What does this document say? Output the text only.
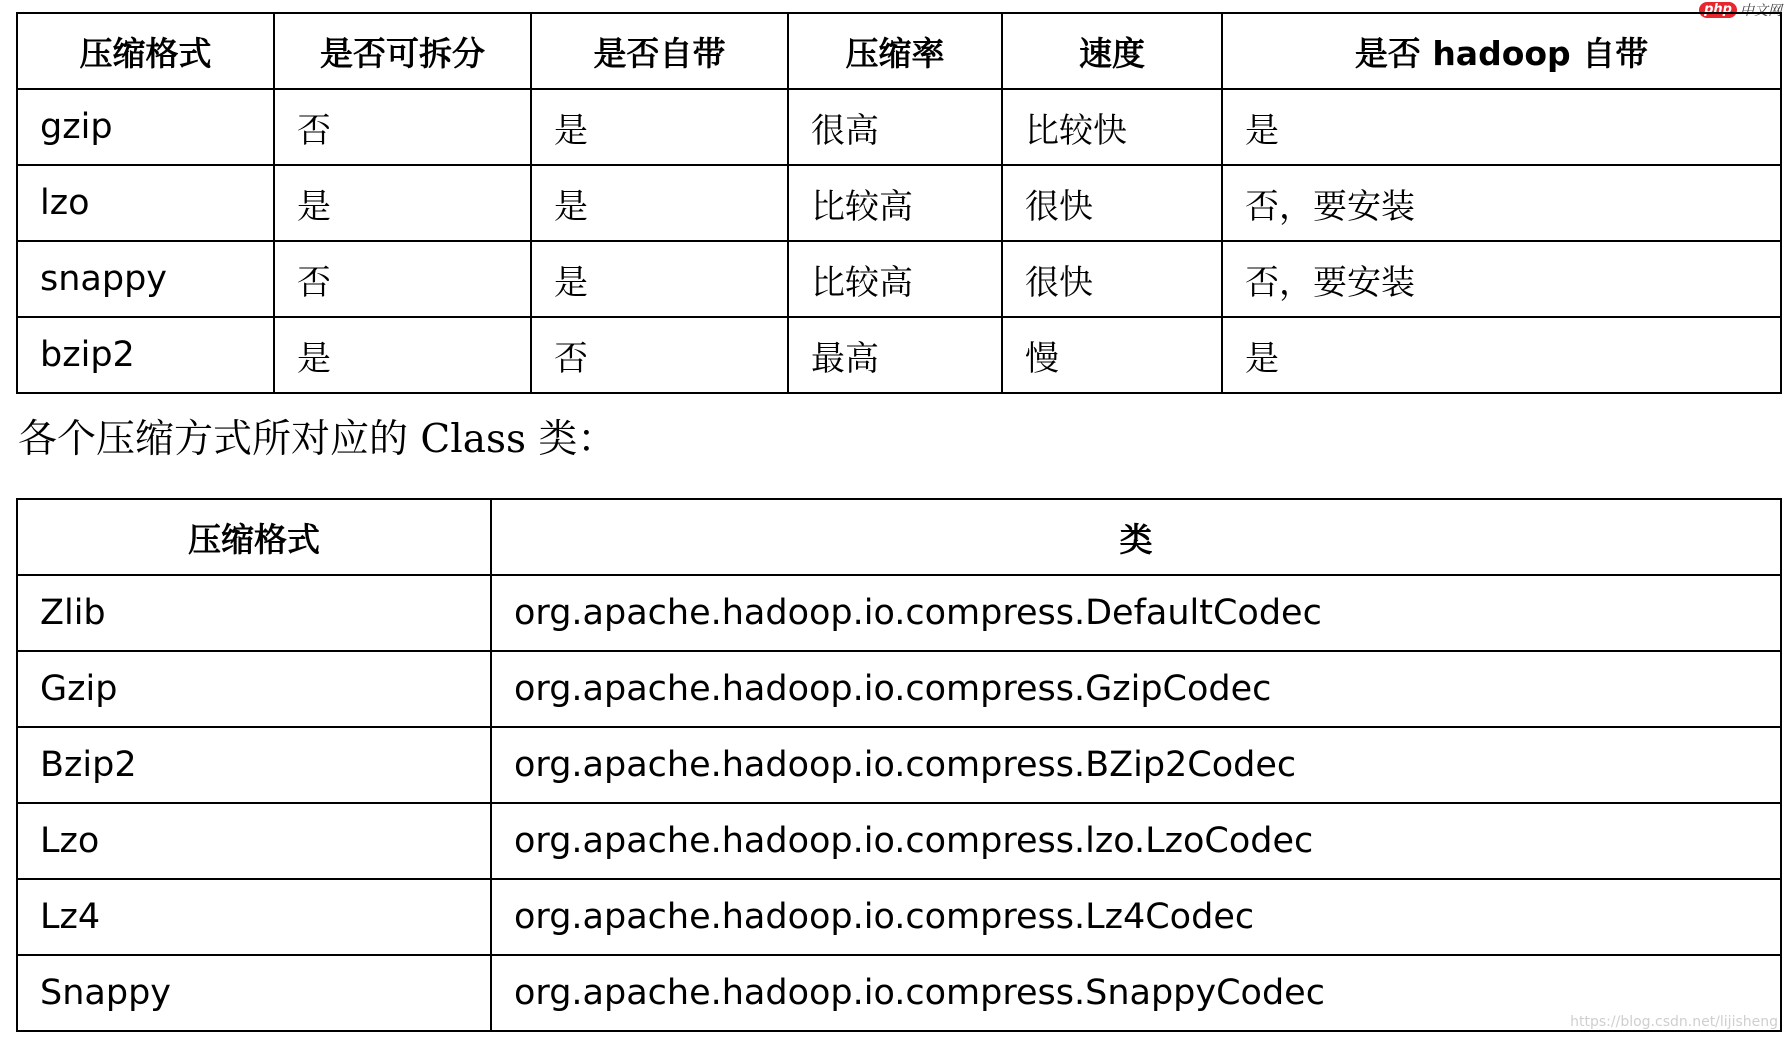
php 中文网
压缩格式	是否可拆分	是否自带	压缩率	速度	是否 hadoop 自带
gzip	否	是	很高	比较快	是
lzo	是	是	比较高	很快	否，要安装
snappy	否	是	比较高	很快	否，要安装
bzip2	是	否	最高	慢	是
各个压缩方式所对应的 Class 类：
压缩格式	类
Zlib	org.apache.hadoop.io.compress.DefaultCodec
Gzip	org.apache.hadoop.io.compress.GzipCodec
Bzip2	org.apache.hadoop.io.compress.BZip2Codec
Lzo	org.apache.hadoop.io.compress.lzo.LzoCodec
Lz4	org.apache.hadoop.io.compress.Lz4Codec
Snappy	org.apache.hadoop.io.compress.SnappyCodec
https://blog.csdn.net/lijisheng
